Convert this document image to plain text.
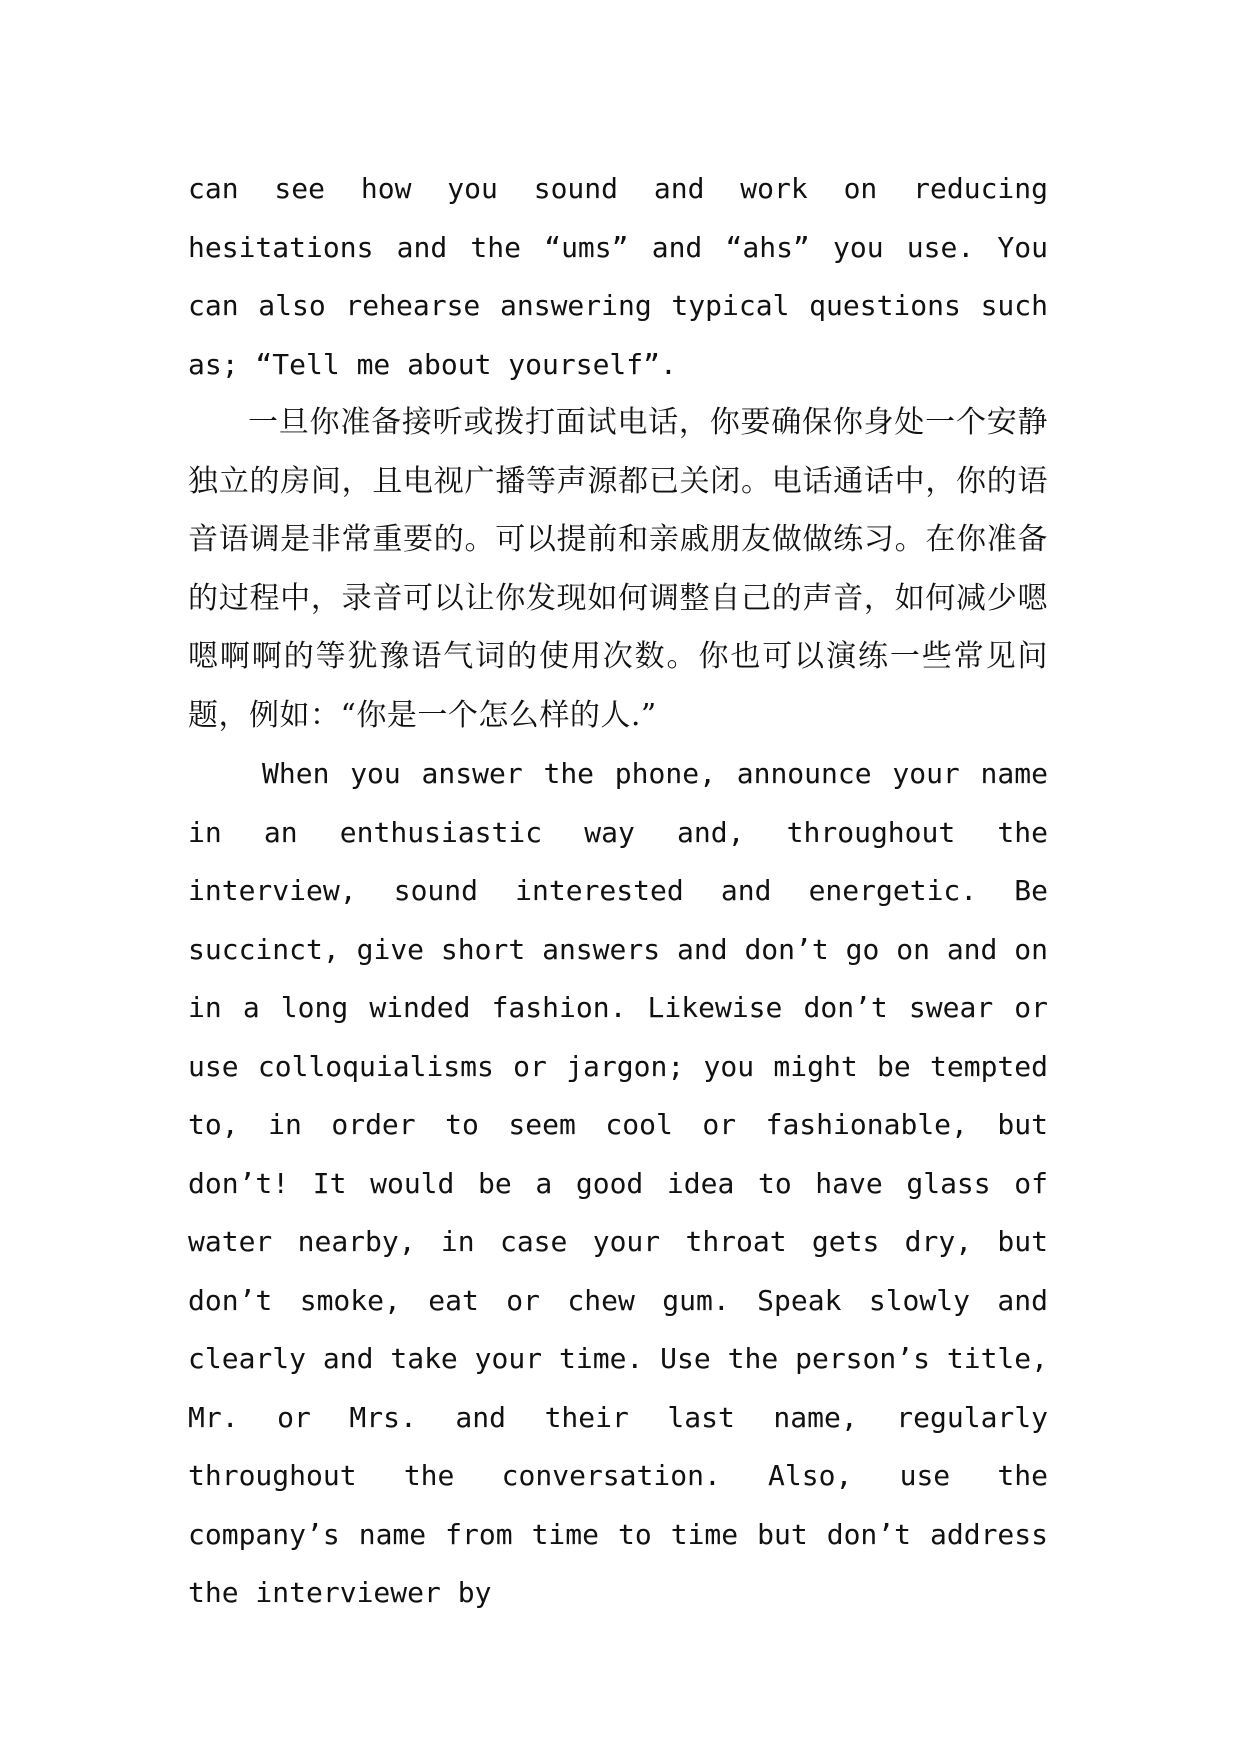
can see how you sound and work on reducing hesitations and the “ums” and “ahs” you use. You can also rehearse answering typical questions such as; “Tell me about yourself”.

一旦你准备接听或拨打面试电话，你要确保你身处一个安静独立的房间，且电视广播等声源都已关闭。电话通话中，你的语音语调是非常重要的。可以提前和亲戚朋友做做练习。在你准备的过程中，录音可以让你发现如何调整自己的声音，如何减少嗯嗯啊啊的等犹豫语气词的使用次数。你也可以演练一些常见问题，例如：“你是一个怎么样的人.”

When you answer the phone, announce your name in an enthusiastic way and, throughout the interview, sound interested and energetic. Be succinct, give short answers and don’t go on and on in a long winded fashion. Likewise don’t swear or use colloquialisms or jargon; you might be tempted to, in order to seem cool or fashionable, but don’t! It would be a good idea to have glass of water nearby, in case your throat gets dry, but don’t smoke, eat or chew gum. Speak slowly and clearly and take your time. Use the person’s title, Mr. or Mrs. and their last name, regularly throughout the conversation. Also, use the company’s name from time to time but don’t address the interviewer by
